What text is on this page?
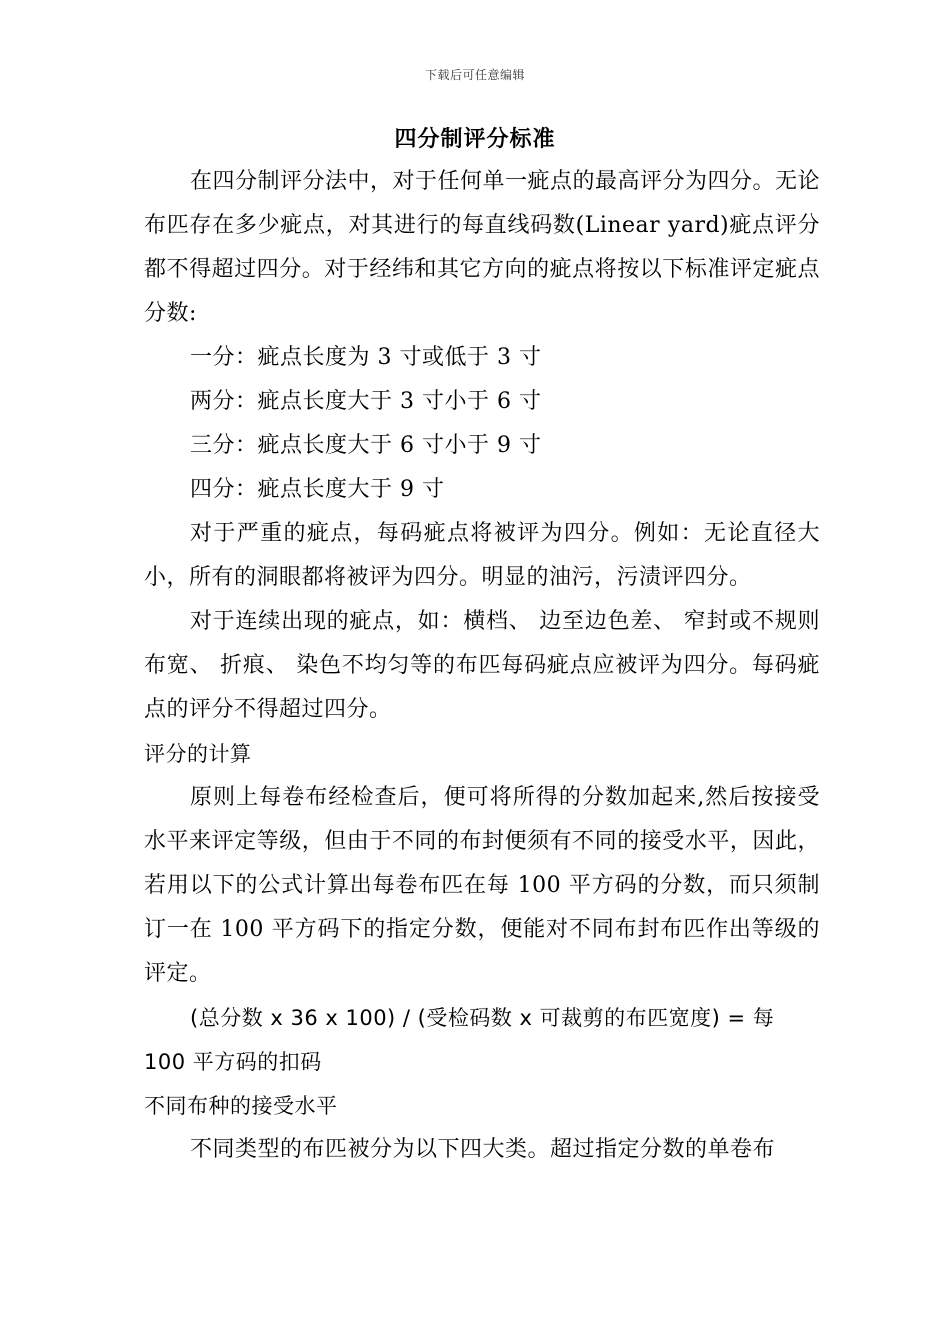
下载后可任意编辑
四分制评分标准

在四分制评分法中，对于任何单一疵点的最高评分为四分。无论布匹存在多少疵点，对其进行的每直线码数(Linear yard)疵点评分都不得超过四分。对于经纬和其它方向的疵点将按以下标准评定疵点分数:

一分：疵点长度为 3 寸或低于 3 寸

两分：疵点长度大于 3 寸小于 6 寸

三分：疵点长度大于 6 寸小于 9 寸

四分：疵点长度大于 9 寸

对于严重的疵点，每码疵点将被评为四分。例如：无论直径大小，所有的洞眼都将被评为四分。明显的油污，污渍评四分。

对于连续出现的疵点，如：横档、 边至边色差、 窄封或不规则布宽、 折痕、 染色不均匀等的布匹每码疵点应被评为四分。每码疵点的评分不得超过四分。

评分的计算

原则上每卷布经检查后，便可将所得的分数加起来,然后按接受水平来评定等级，但由于不同的布封便须有不同的接受水平，因此，若用以下的公式计算出每卷布匹在每 100 平方码的分数，而只须制订一在 100 平方码下的指定分数，便能对不同布封布匹作出等级的评定。

(总分数 x 36 x 100) / (受检码数 x 可裁剪的布匹宽度) = 每 100 平方码的扣码

不同布种的接受水平

不同类型的布匹被分为以下四大类。超过指定分数的单卷布
